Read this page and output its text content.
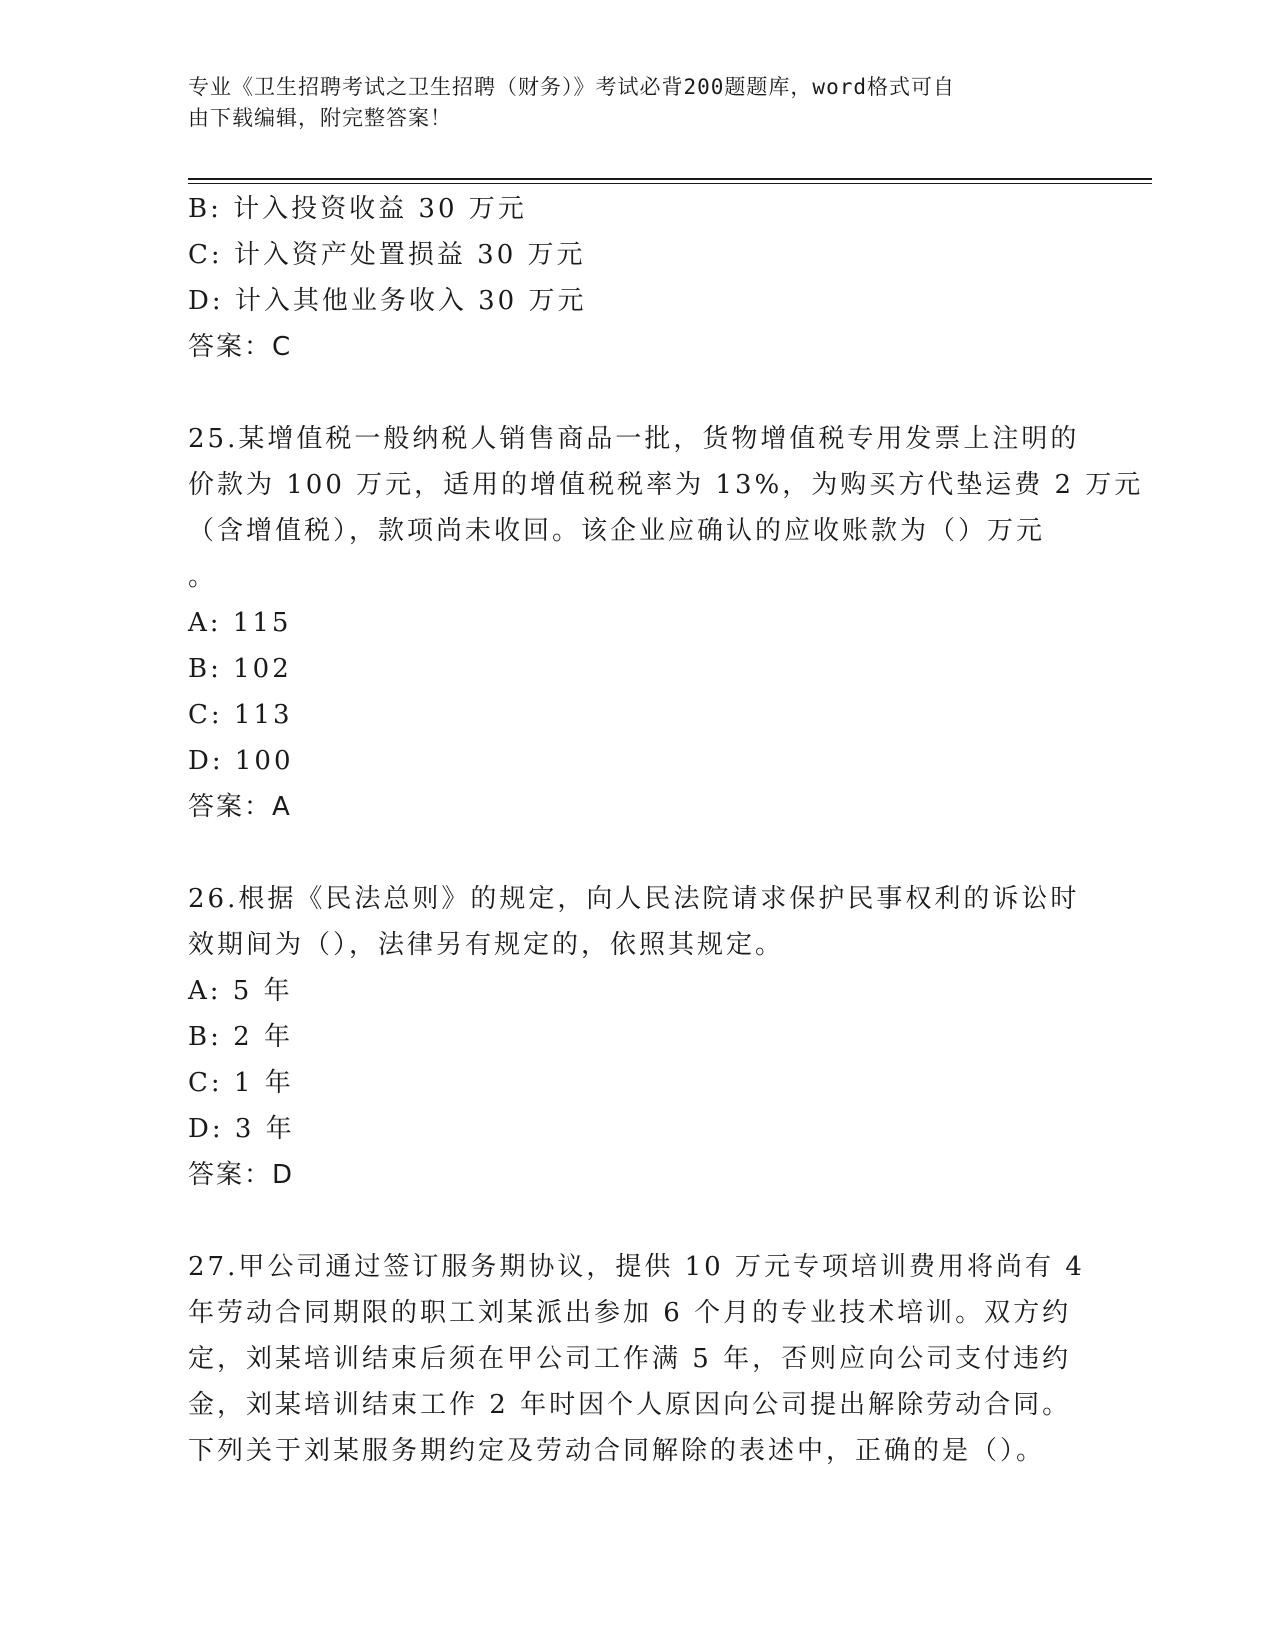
专业《卫生招聘考试之卫生招聘（财务）》考试必背200题题库，word格式可自
由下载编辑，附完整答案！
B: 计入投资收益 30 万元
C: 计入资产处置损益 30 万元
D: 计入其他业务收入 30 万元
答案：C
25.某增值税一般纳税人销售商品一批，货物增值税专用发票上注明的
价款为 100 万元，适用的增值税税率为 13%，为购买方代垫运费 2 万元
（含增值税），款项尚未收回。该企业应确认的应收账款为（）万元
。
A: 115
B: 102
C: 113
D: 100
答案：A
26.根据《民法总则》的规定，向人民法院请求保护民事权利的诉讼时
效期间为（），法律另有规定的，依照其规定。
A: 5 年
B: 2 年
C: 1 年
D: 3 年
答案：D
27.甲公司通过签订服务期协议，提供 10 万元专项培训费用将尚有 4
年劳动合同期限的职工刘某派出参加 6 个月的专业技术培训。双方约
定，刘某培训结束后须在甲公司工作满 5 年，否则应向公司支付违约
金，刘某培训结束工作 2 年时因个人原因向公司提出解除劳动合同。
下列关于刘某服务期约定及劳动合同解除的表述中，正确的是（）。
